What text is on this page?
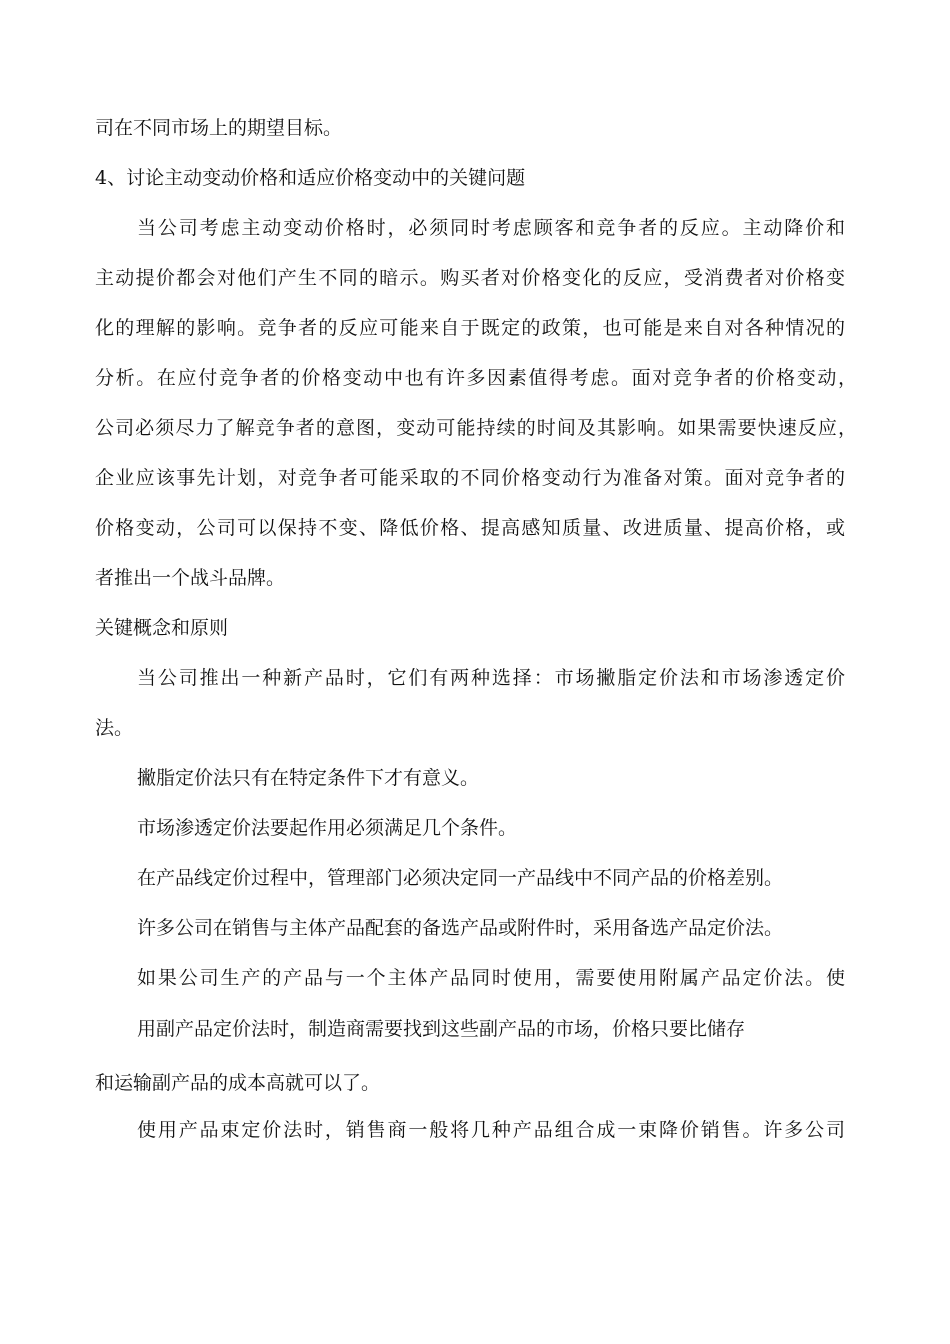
司在不同市场上的期望目标。

4、讨论主动变动价格和适应价格变动中的关键问题

当公司考虑主动变动价格时，必须同时考虑顾客和竞争者的反应。主动降价和

主动提价都会对他们产生不同的暗示。购买者对价格变化的反应，受消费者对价格变

化的理解的影响。竞争者的反应可能来自于既定的政策，也可能是来自对各种情况的

分析。在应付竞争者的价格变动中也有许多因素值得考虑。面对竞争者的价格变动，

公司必须尽力了解竞争者的意图，变动可能持续的时间及其影响。如果需要快速反应，

企业应该事先计划，对竞争者可能采取的不同价格变动行为准备对策。面对竞争者的

价格变动，公司可以保持不变、降低价格、提高感知质量、改进质量、提高价格，或

者推出一个战斗品牌。

关键概念和原则

当公司推出一种新产品时，它们有两种选择：市场撇脂定价法和市场渗透定价

法。

撇脂定价法只有在特定条件下才有意义。

市场渗透定价法要起作用必须满足几个条件。

在产品线定价过程中，管理部门必须决定同一产品线中不同产品的价格差别。

许多公司在销售与主体产品配套的备选产品或附件时，采用备选产品定价法。

如果公司生产的产品与一个主体产品同时使用，需要使用附属产品定价法。使

用副产品定价法时，制造商需要找到这些副产品的市场，价格只要比储存

和运输副产品的成本高就可以了。

使用产品束定价法时，销售商一般将几种产品组合成一束降价销售。许多公司
